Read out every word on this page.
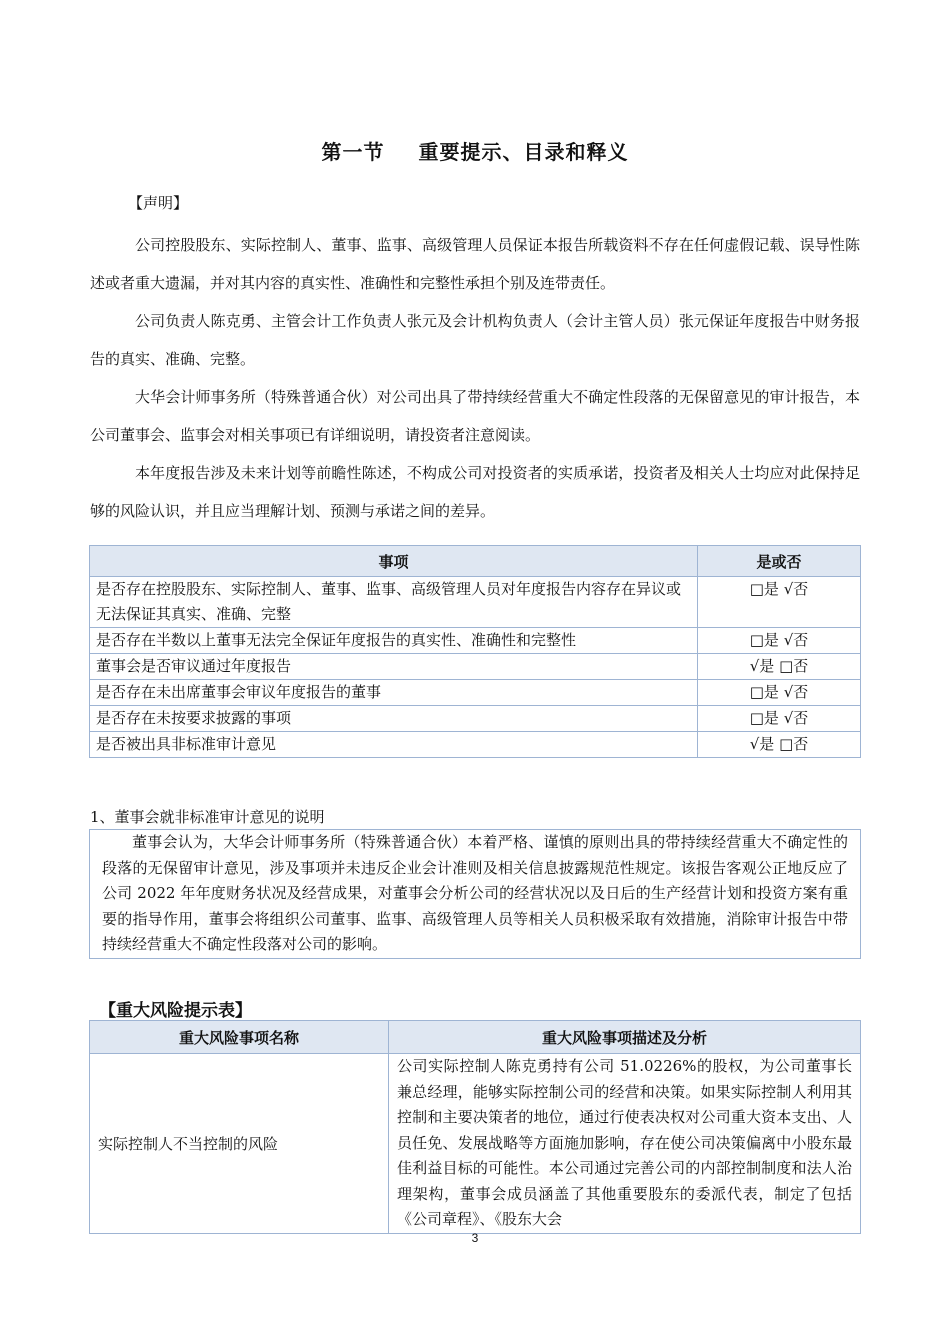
第一节 重要提示、目录和释义
【声明】
公司控股股东、实际控制人、董事、监事、高级管理人员保证本报告所载资料不存在任何虚假记载、误导性陈述或者重大遗漏，并对其内容的真实性、准确性和完整性承担个别及连带责任。
公司负责人陈克勇、主管会计工作负责人张元及会计机构负责人（会计主管人员）张元保证年度报告中财务报告的真实、准确、完整。
大华会计师事务所（特殊普通合伙）对公司出具了带持续经营重大不确定性段落的无保留意见的审计报告，本公司董事会、监事会对相关事项已有详细说明，请投资者注意阅读。
本年度报告涉及未来计划等前瞻性陈述，不构成公司对投资者的实质承诺，投资者及相关人士均应对此保持足够的风险认识，并且应当理解计划、预测与承诺之间的差异。
事项	是或否
是否存在控股股东、实际控制人、董事、监事、高级管理人员对年度报告内容存在异议或无法保证其真实、准确、完整	□是 √否
是否存在半数以上董事无法完全保证年度报告的真实性、准确性和完整性	□是 √否
董事会是否审议通过年度报告	√是 □否
是否存在未出席董事会审议年度报告的董事	□是 √否
是否存在未按要求披露的事项	□是 √否
是否被出具非标准审计意见	√是 □否
1、董事会就非标准审计意见的说明
董事会认为，大华会计师事务所（特殊普通合伙）本着严格、谨慎的原则出具的带持续经营重大不确定性的段落的无保留审计意见，涉及事项并未违反企业会计准则及相关信息披露规范性规定。该报告客观公正地反应了公司 2022 年年度财务状况及经营成果，对董事会分析公司的经营状况以及日后的生产经营计划和投资方案有重要的指导作用，董事会将组织公司董事、监事、高级管理人员等相关人员积极采取有效措施，消除审计报告中带持续经营重大不确定性段落对公司的影响。
【重大风险提示表】
重大风险事项名称	重大风险事项描述及分析
实际控制人不当控制的风险	公司实际控制人陈克勇持有公司 51.0226%的股权，为公司董事长兼总经理，能够实际控制公司的经营和决策。如果实际控制人利用其控制和主要决策者的地位，通过行使表决权对公司重大资本支出、人员任免、发展战略等方面施加影响，存在使公司决策偏离中小股东最佳利益目标的可能性。本公司通过完善公司的内部控制制度和法人治理架构，董事会成员涵盖了其他重要股东的委派代表，制定了包括《公司章程》、《股东大会
3
